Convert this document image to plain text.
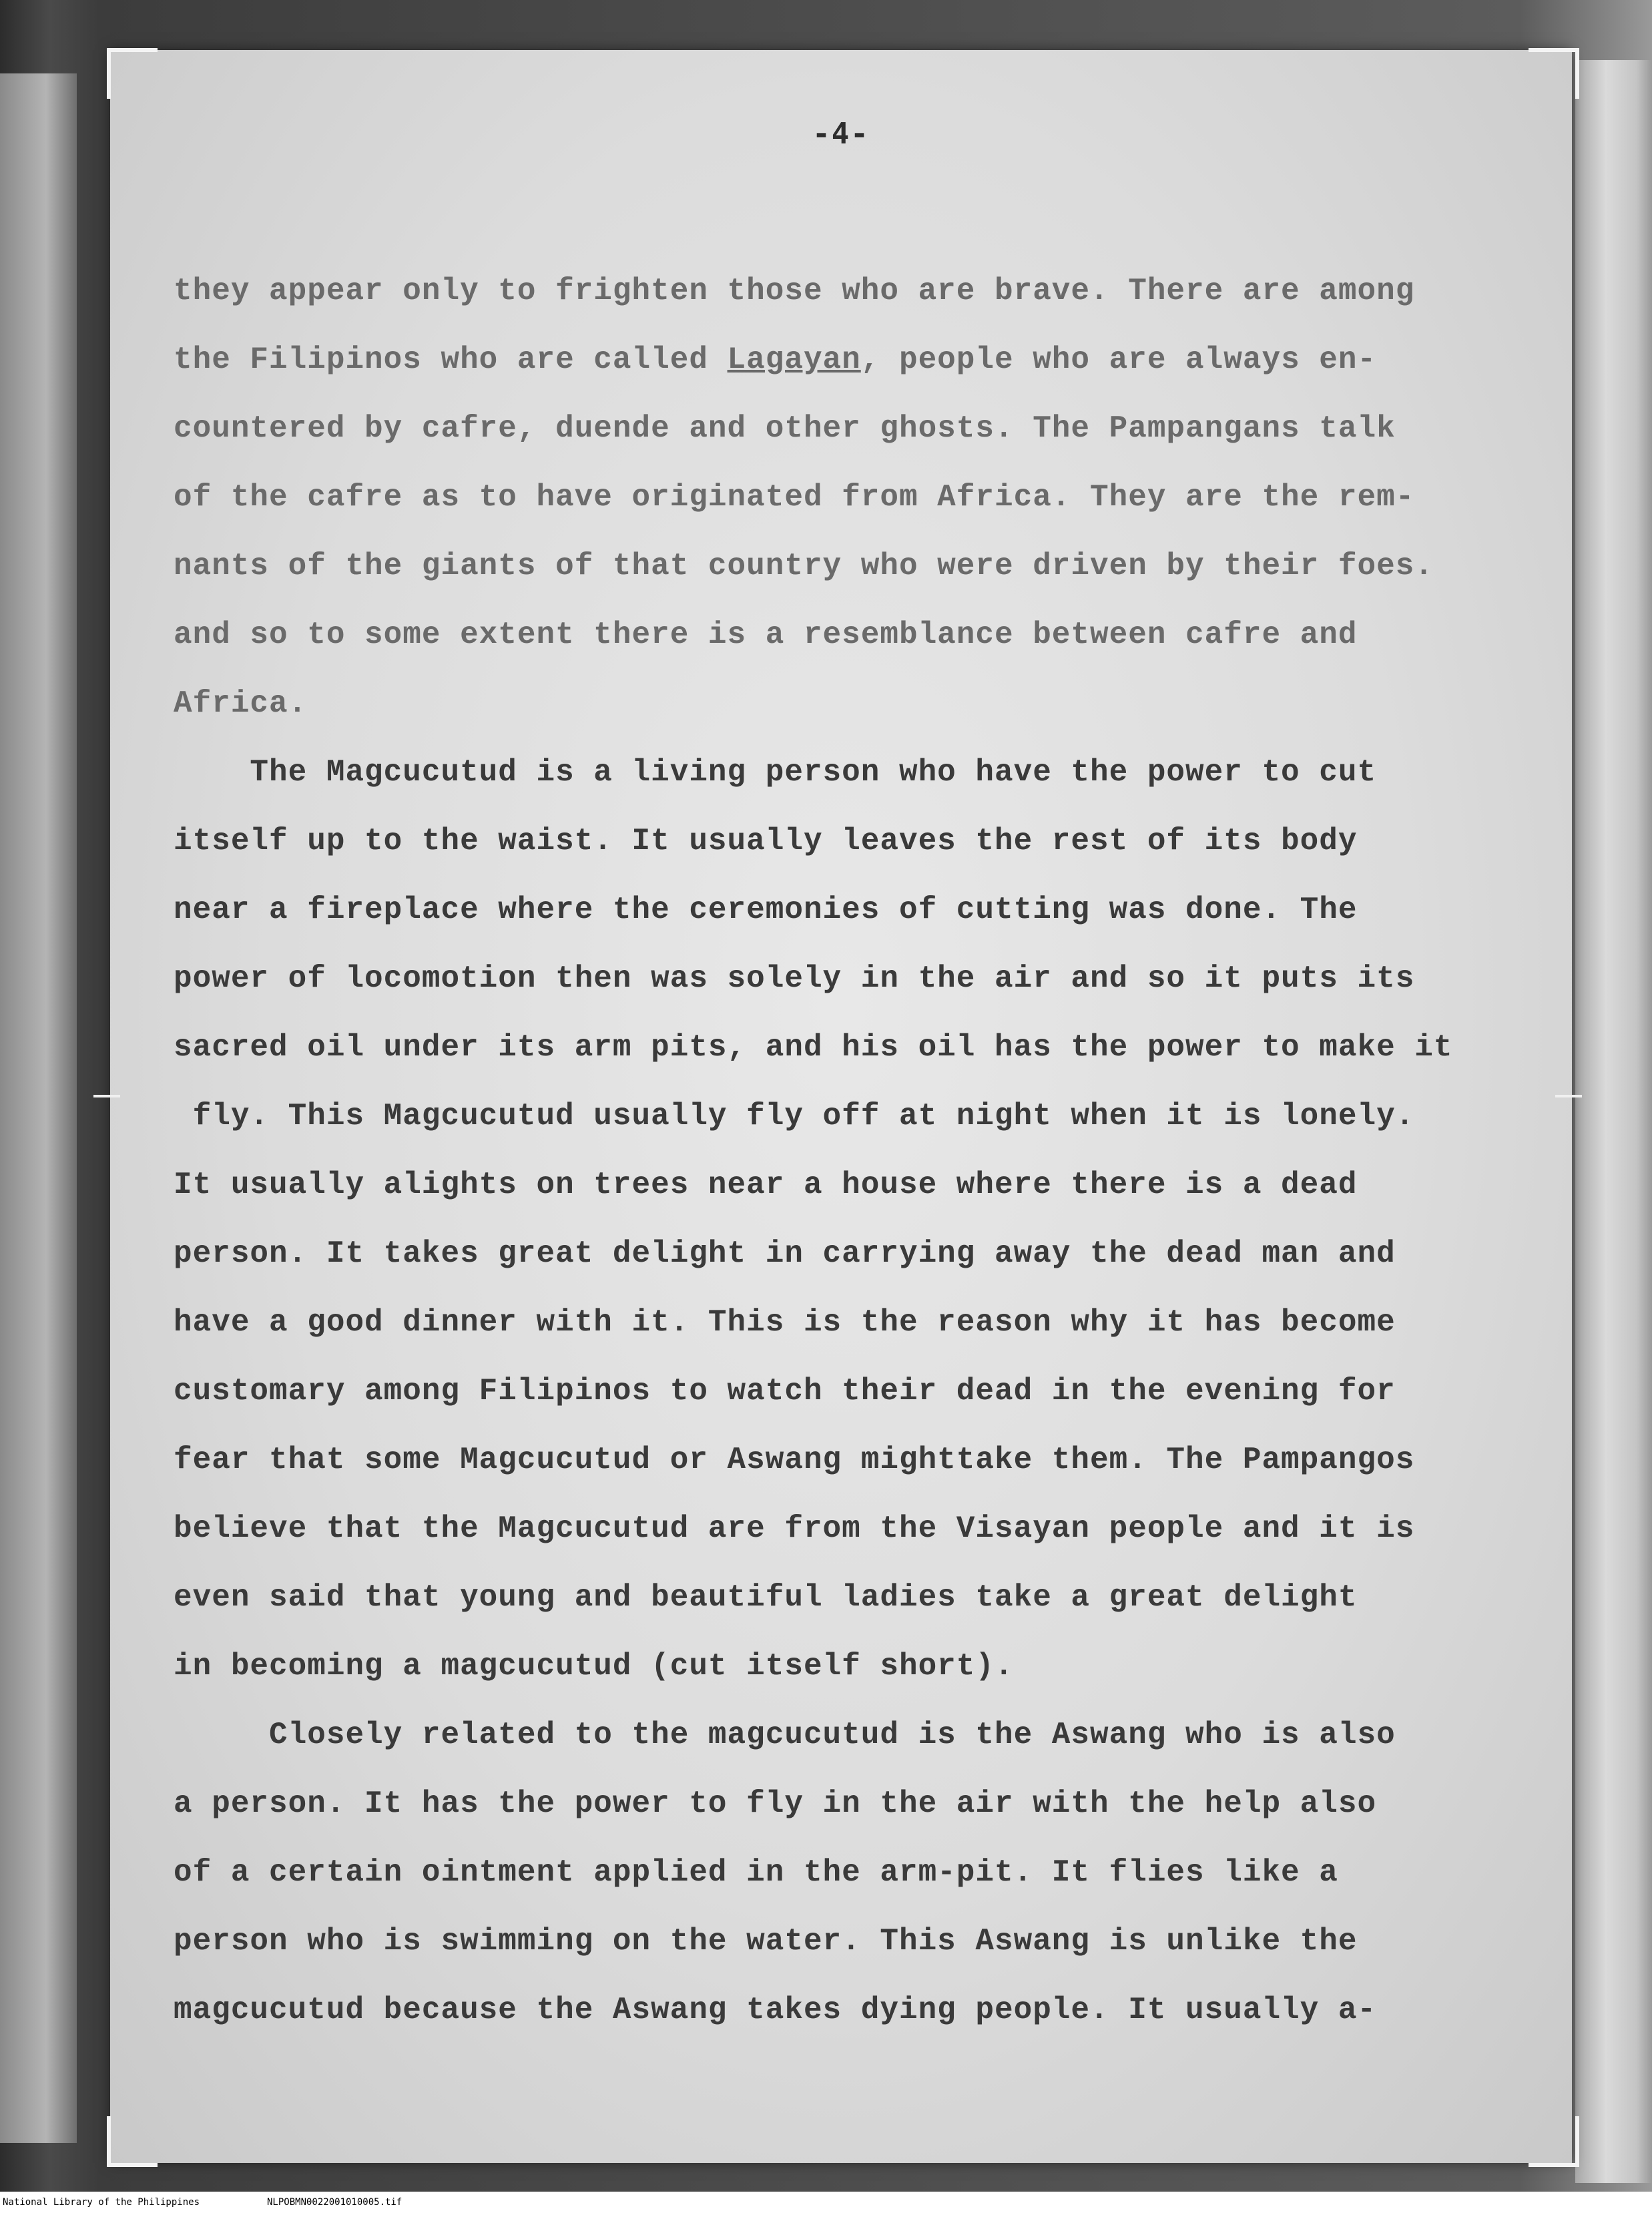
-4-
they appear only to frighten those who are brave. There are among
the Filipinos who are called Lagayan, people who are always en-
countered by cafre, duende and other ghosts. The Pampangans talk
of the cafre as to have originated from Africa. They are the rem-
nants of the giants of that country who were driven by their foes.
and so to some extent there is a resemblance between cafre and
Africa.
The Magcucutud is a living person who have the power to cut
itself up to the waist. It usually leaves the rest of its body
near a fireplace where the ceremonies of cutting was done. The
power of locomotion then was solely in the air and so it puts its
sacred oil under its arm pits, and his oil has the power to make it
fly. This Magcucutud usually fly off at night when it is lonely.
It usually alights on trees near a house where there is a dead
person. It takes great delight in carrying away the dead man and
have a good dinner with it. This is the reason why it has become
customary among Filipinos to watch their dead in the evening for
fear that some Magcucutud or Aswang mighttake them. The Pampangos
believe that the Magcucutud are from the Visayan people and it is
even said that young and beautiful ladies take a great delight
in becoming a magcucutud (cut itself short).
Closely related to the magcucutud is the Aswang who is also
a person. It has the power to fly in the air with the help also
of a certain ointment applied in the arm-pit. It flies like a
person who is swimming on the water. This Aswang is unlike the
magcucutud because the Aswang takes dying people. It usually a-
National Library of the Philippines	NLPOBMN0022001010005.tif
